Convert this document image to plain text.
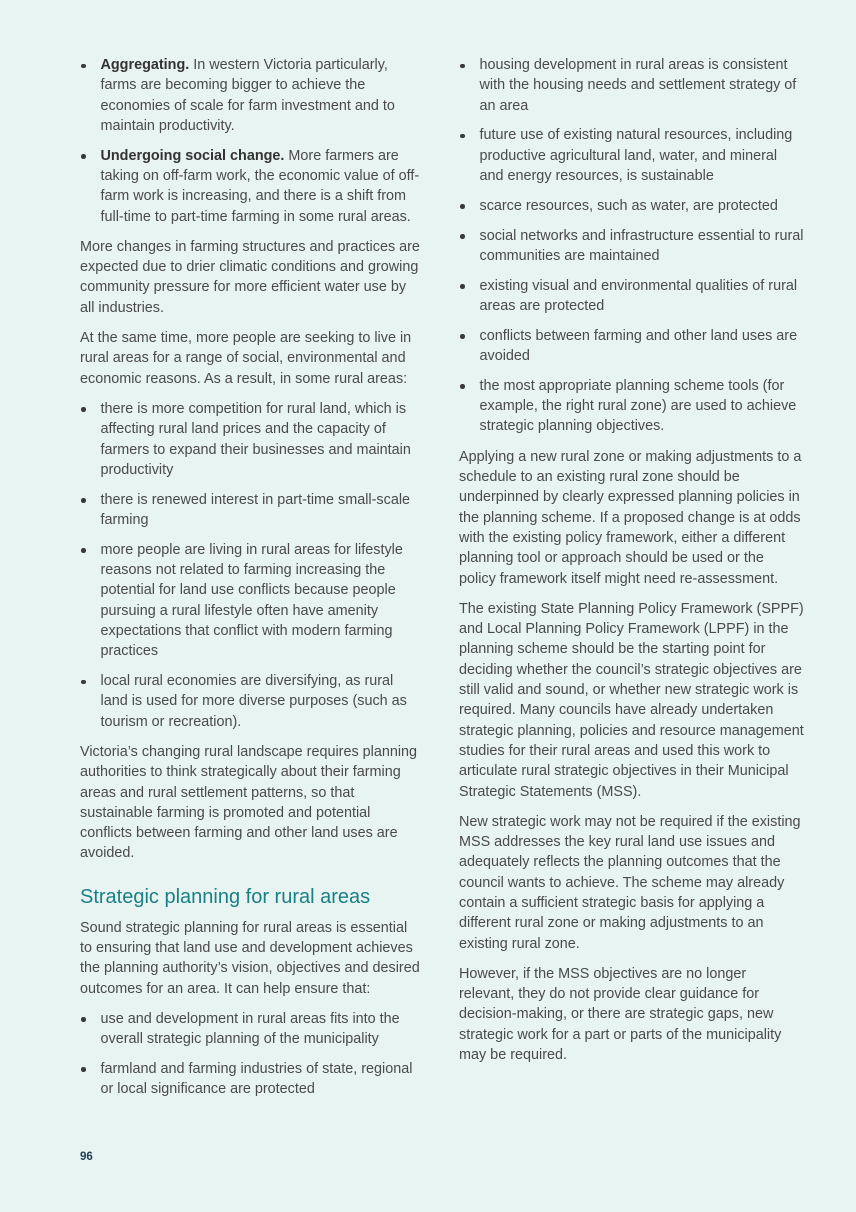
Aggregating. In western Victoria particularly, farms are becoming bigger to achieve the economies of scale for farm investment and to maintain productivity.
Undergoing social change. More farmers are taking on off-farm work, the economic value of off-farm work is increasing, and there is a shift from full-time to part-time farming in some rural areas.

More changes in farming structures and practices are expected due to drier climatic conditions and growing community pressure for more efficient water use by all industries.

At the same time, more people are seeking to live in rural areas for a range of social, environmental and economic reasons. As a result, in some rural areas:

there is more competition for rural land, which is affecting rural land prices and the capacity of farmers to expand their businesses and maintain productivity
there is renewed interest in part-time small-scale farming
more people are living in rural areas for lifestyle reasons not related to farming increasing the potential for land use conflicts because people pursuing a rural lifestyle often have amenity expectations that conflict with modern farming practices
local rural economies are diversifying, as rural land is used for more diverse purposes (such as tourism or recreation).

Victoria’s changing rural landscape requires planning authorities to think strategically about their farming areas and rural settlement patterns, so that sustainable farming is promoted and potential conflicts between farming and other land uses are avoided.

Strategic planning for rural areas

Sound strategic planning for rural areas is essential to ensuring that land use and development achieves the planning authority’s vision, objectives and desired outcomes for an area. It can help ensure that:

use and development in rural areas fits into the overall strategic planning of the municipality
farmland and farming industries of state, regional or local significance are protected
housing development in rural areas is consistent with the housing needs and settlement strategy of an area
future use of existing natural resources, including productive agricultural land, water, and mineral and energy resources, is sustainable
scarce resources, such as water, are protected
social networks and infrastructure essential to rural communities are maintained
existing visual and environmental qualities of rural areas are protected
conflicts between farming and other land uses are avoided
the most appropriate planning scheme tools (for example, the right rural zone) are used to achieve strategic planning objectives.

Applying a new rural zone or making adjustments to a schedule to an existing rural zone should be underpinned by clearly expressed planning policies in the planning scheme. If a proposed change is at odds with the existing policy framework, either a different planning tool or approach should be used or the policy framework itself might need re-assessment.

The existing State Planning Policy Framework (SPPF) and Local Planning Policy Framework (LPPF) in the planning scheme should be the starting point for deciding whether the council’s strategic objectives are still valid and sound, or whether new strategic work is required. Many councils have already undertaken strategic planning, policies and resource management studies for their rural areas and used this work to articulate rural strategic objectives in their Municipal Strategic Statements (MSS).

New strategic work may not be required if the existing MSS addresses the key rural land use issues and adequately reflects the planning outcomes that the council wants to achieve. The scheme may already contain a sufficient strategic basis for applying a different rural zone or making adjustments to an existing rural zone.

However, if the MSS objectives are no longer relevant, they do not provide clear guidance for decision-making, or there are strategic gaps, new strategic work for a part or parts of the municipality may be required.

96
